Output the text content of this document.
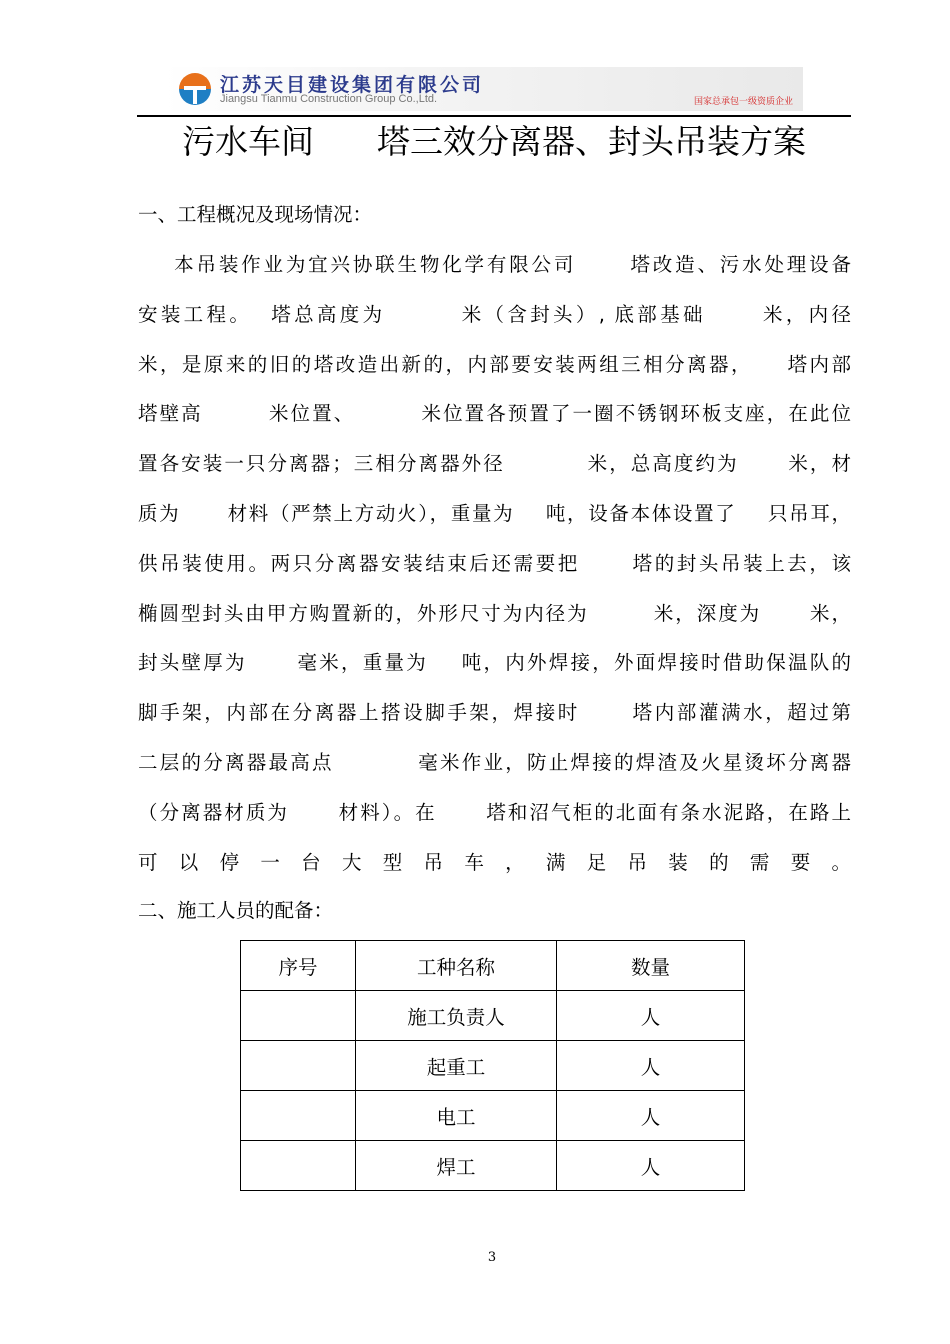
江苏天目建设集团有限公司
Jiangsu Tianmu Construction Group Co.,Ltd.	国家总承包一级资质企业
污水车间      塔三效分离器、封头吊装方案
一、工程概况及现场情况：
本吊装作业为宜兴协联生物化学有限公司      塔改造、污水处理设备
安装工程。  塔总高度为        米（含封头）, 底部基础      米，内径
米，是原来的旧的塔改造出新的，内部要安装两组三相分离器，    塔内部
塔壁高        米位置、        米位置各预置了一圈不锈钢环板支座，在此位
置各安装一只分离器；三相分离器外径          米，总高度约为      米，材
质为      材料（严禁上方动火），重量为    吨，设备本体设置了    只吊耳，
供吊装使用。两只分离器安装结束后还需要把      塔的封头吊装上去，该
椭圆型封头由甲方购置新的，外形尺寸为内径为        米，深度为      米，
封头壁厚为      毫米，重量为    吨，内外焊接，外面焊接时借助保温队的
脚手架，内部在分离器上搭设脚手架，焊接时      塔内部灌满水，超过第
二层的分离器最高点          毫米作业，防止焊接的焊渣及火星烫坏分离器
（分离器材质为      材料）。在      塔和沼气柜的北面有条水泥路，在路上
可以停一台大型吊车，满足吊装的需要。
二、施工人员的配备：
序号	工种名称	数量
	施工负责人	人
	起重工	人
	电工	人
	焊工	人
3
